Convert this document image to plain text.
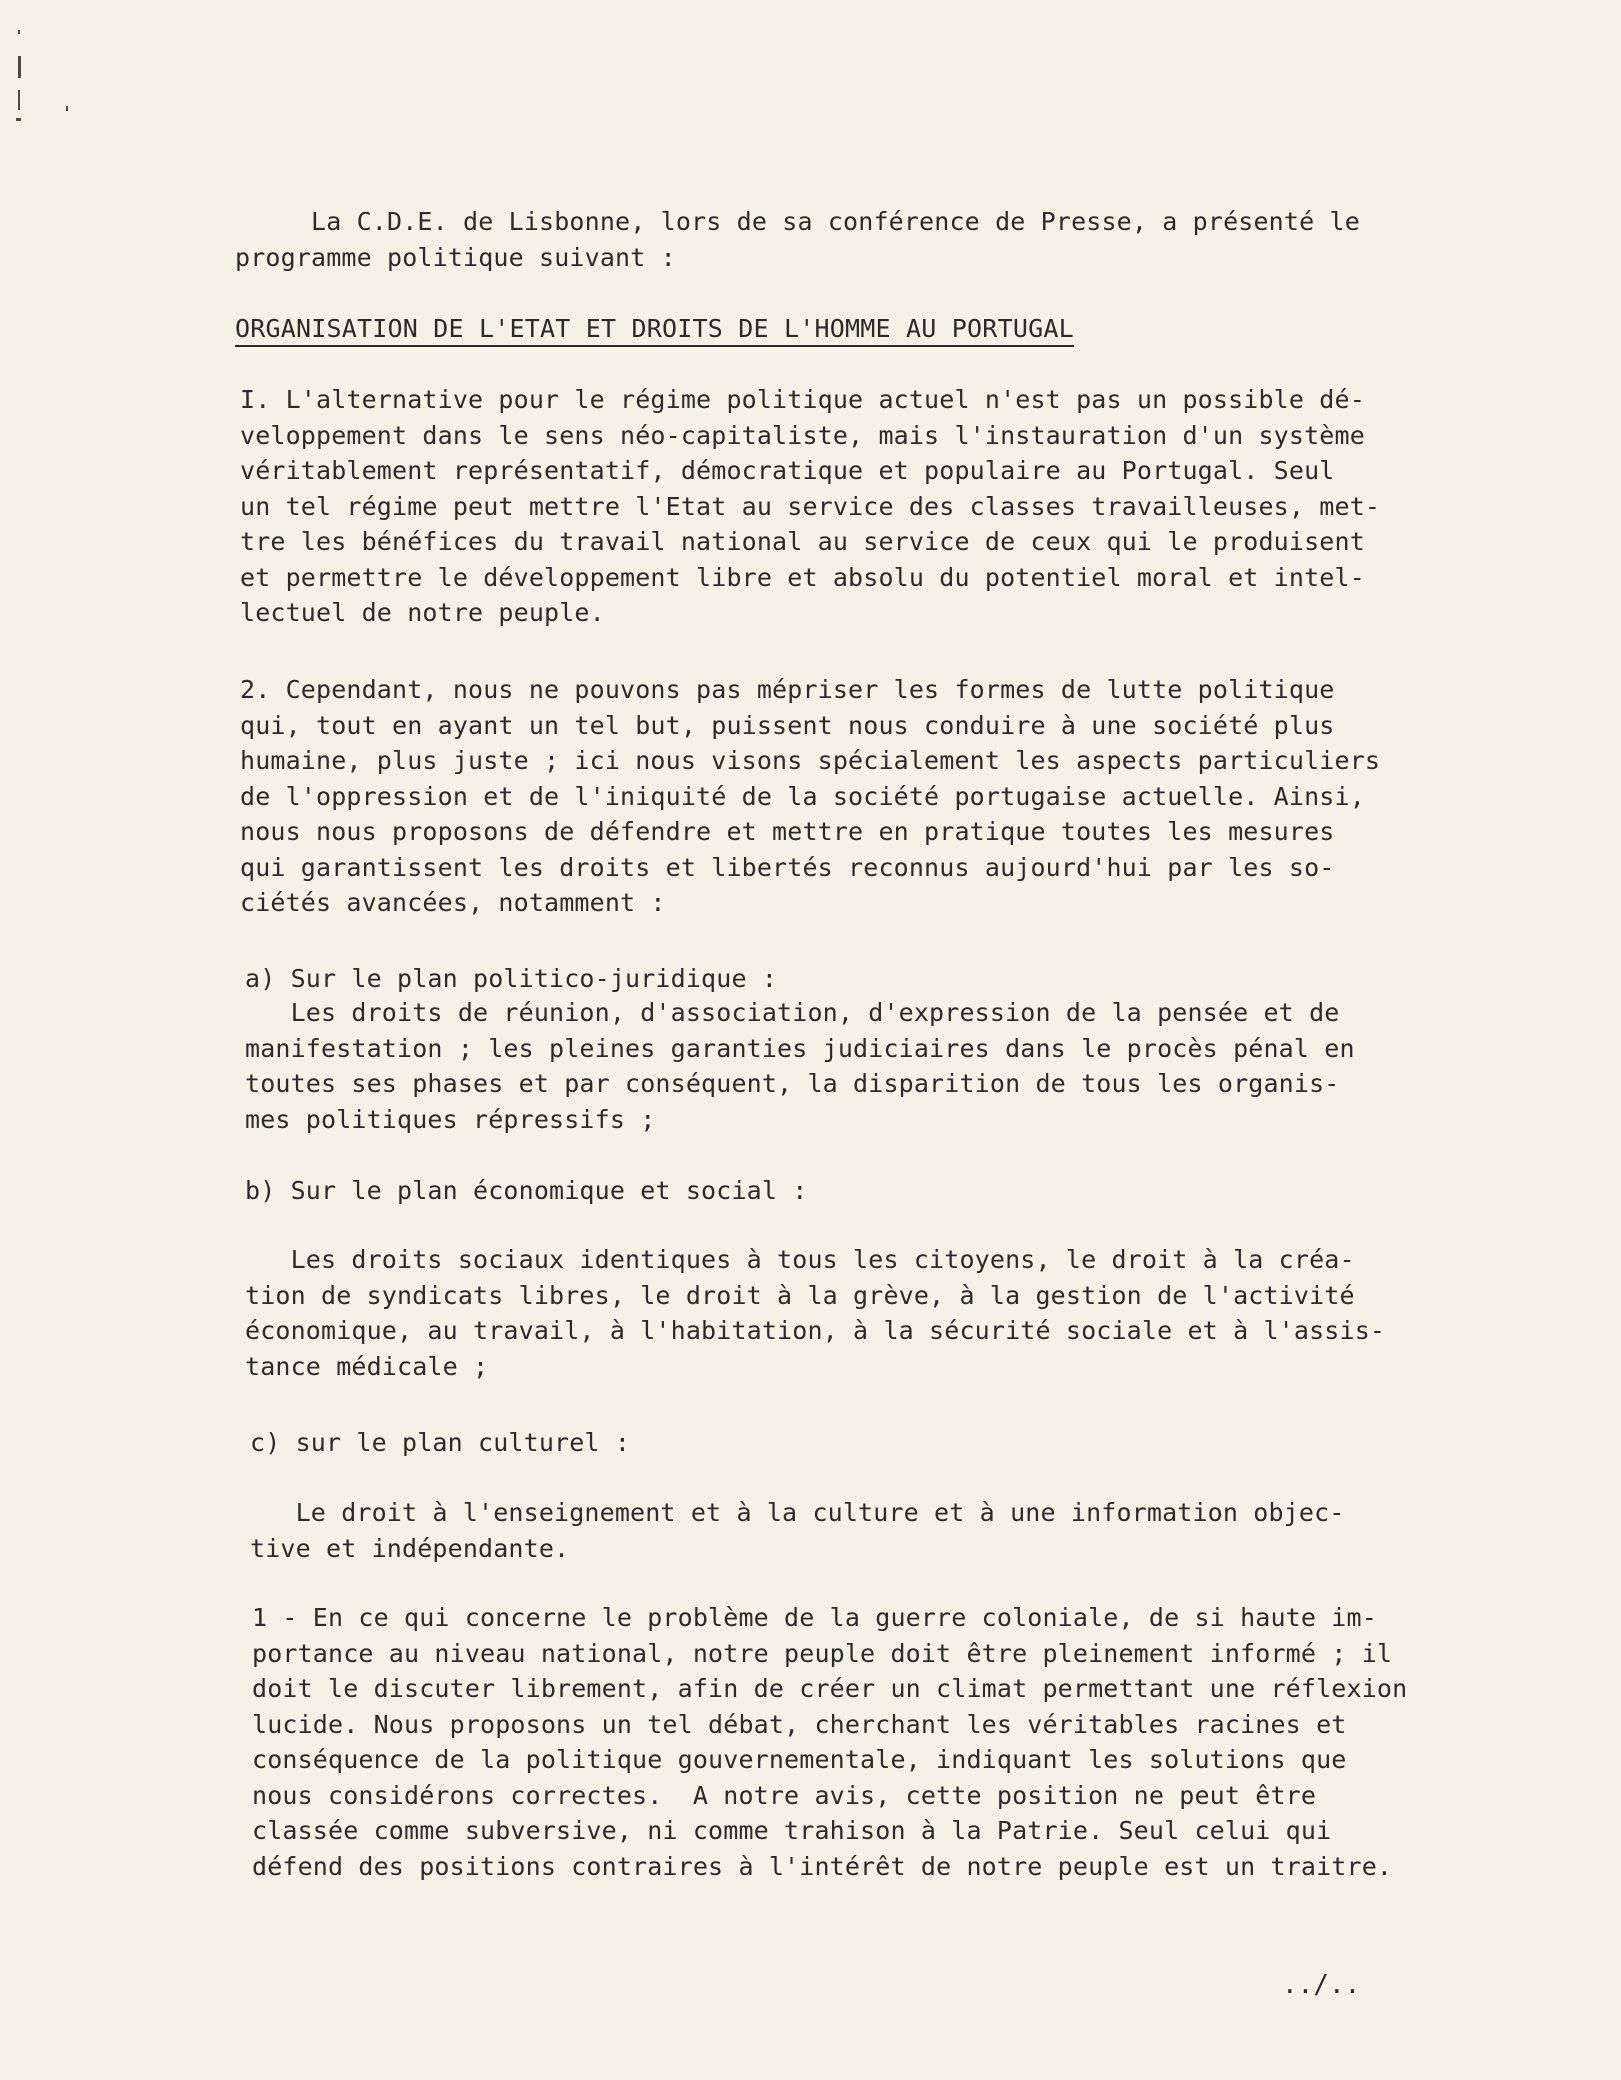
La C.D.E. de Lisbonne, lors de sa conférence de Presse, a présenté le
programme politique suivant :
ORGANISATION DE L'ETAT ET DROITS DE L'HOMME AU PORTUGAL
I. L'alternative pour le régime politique actuel n'est pas un possible dé-
veloppement dans le sens néo-capitaliste, mais l'instauration d'un système
véritablement représentatif, démocratique et populaire au Portugal. Seul
un tel régime peut mettre l'Etat au service des classes travailleuses, met-
tre les bénéfices du travail national au service de ceux qui le produisent
et permettre le développement libre et absolu du potentiel moral et intel-
lectuel de notre peuple.
2. Cependant, nous ne pouvons pas mépriser les formes de lutte politique
qui, tout en ayant un tel but, puissent nous conduire à une société plus
humaine, plus juste ; ici nous visons spécialement les aspects particuliers
de l'oppression et de l'iniquité de la société portugaise actuelle. Ainsi,
nous nous proposons de défendre et mettre en pratique toutes les mesures
qui garantissent les droits et libertés reconnus aujourd'hui par les so-
ciétés avancées, notamment :
a) Sur le plan politico-juridique :
Les droits de réunion, d'association, d'expression de la pensée et de
manifestation ; les pleines garanties judiciaires dans le procès pénal en
toutes ses phases et par conséquent, la disparition de tous les organis-
mes politiques répressifs ;
b) Sur le plan économique et social :
Les droits sociaux identiques à tous les citoyens, le droit à la créa-
tion de syndicats libres, le droit à la grève, à la gestion de l'activité
économique, au travail, à l'habitation, à la sécurité sociale et à l'assis-
tance médicale ;
c) sur le plan culturel :
Le droit à l'enseignement et à la culture et à une information objec-
tive et indépendante.
1 - En ce qui concerne le problème de la guerre coloniale, de si haute im-
portance au niveau national, notre peuple doit être pleinement informé ; il
doit le discuter librement, afin de créer un climat permettant une réflexion
lucide. Nous proposons un tel débat, cherchant les véritables racines et
conséquence de la politique gouvernementale, indiquant les solutions que
nous considérons correctes.  A notre avis, cette position ne peut être
classée comme subversive, ni comme trahison à la Patrie. Seul celui qui
défend des positions contraires à l'intérêt de notre peuple est un traitre.
../..
